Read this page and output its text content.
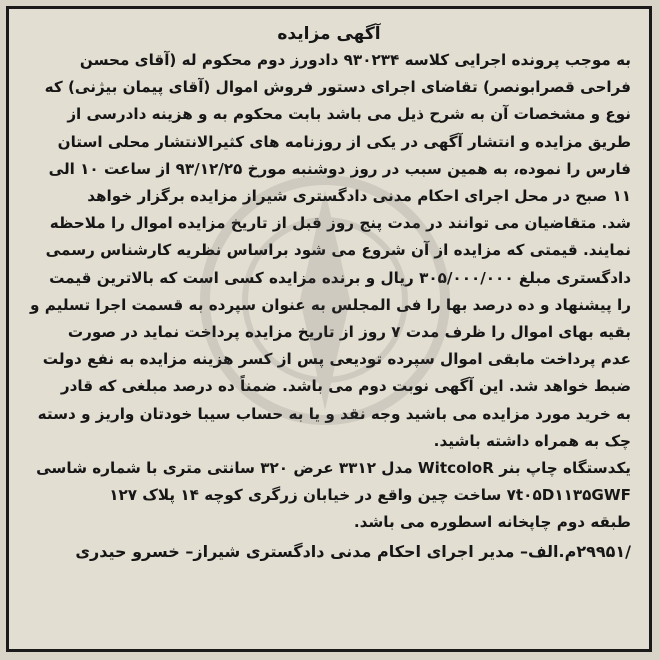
آگهی مزایده

به موجب پرونده اجرایی کلاسه ۹۳۰۲۳۴ دادورز دوم محکوم له (آقای محسن

فراحی قصرابونصر) تقاضای اجرای دستور فروش اموال (آقای پیمان بیژنی) که

نوع و مشخصات آن به شرح ذیل می باشد بابت محکوم به و هزینه دادرسی از

طریق مزایده و انتشار آگهی در یکی از روزنامه های کثیرالانتشار محلی استان

فارس را نموده، به همین سبب در روز دوشنبه مورخ ۹۳/۱۲/۲۵ از ساعت ۱۰ الی

۱۱ صبح در محل اجرای احکام مدنی دادگستری شیراز مزایده برگزار خواهد

شد. متقاضیان می توانند در مدت پنج روز قبل از تاریخ مزایده اموال را ملاحظه

نمایند. قیمتی که مزایده از آن شروع می شود براساس نظریه کارشناس رسمی

دادگستری مبلغ ۳۰۵/۰۰۰/۰۰۰ ریال و برنده مزایده کسی است که بالاترین قیمت

را پیشنهاد و ده درصد بها را فی المجلس به عنوان سپرده به قسمت اجرا تسلیم و

بقیه بهای اموال را ظرف مدت ۷ روز از تاریخ مزایده پرداخت نماید در صورت

عدم پرداخت مابقی اموال سپرده تودیعی پس از کسر هزینه مزایده به نفع دولت

ضبط خواهد شد. این آگهی نوبت دوم می باشد. ضمناً ده درصد مبلغی که قادر

به خرید مورد مزایده می باشید وجه نقد و یا به حساب سیبا خودتان واریز و دسته

چک به همراه داشته باشید.

یکدستگاه چاپ بنر WitcoloR مدل ۳۳۱۲ عرض ۳۲۰ سانتی متری با شماره شاسی

۷t۰۵D۱۱۳۵GWF ساخت چین واقع در خیابان زرگری کوچه ۱۴ پلاک ۱۲۷

طبقه دوم چاپخانه اسطوره می باشد.

/۲۹۹۵۱م.الف– مدیر اجرای احکام مدنی دادگستری شیراز– خسرو حیدری
